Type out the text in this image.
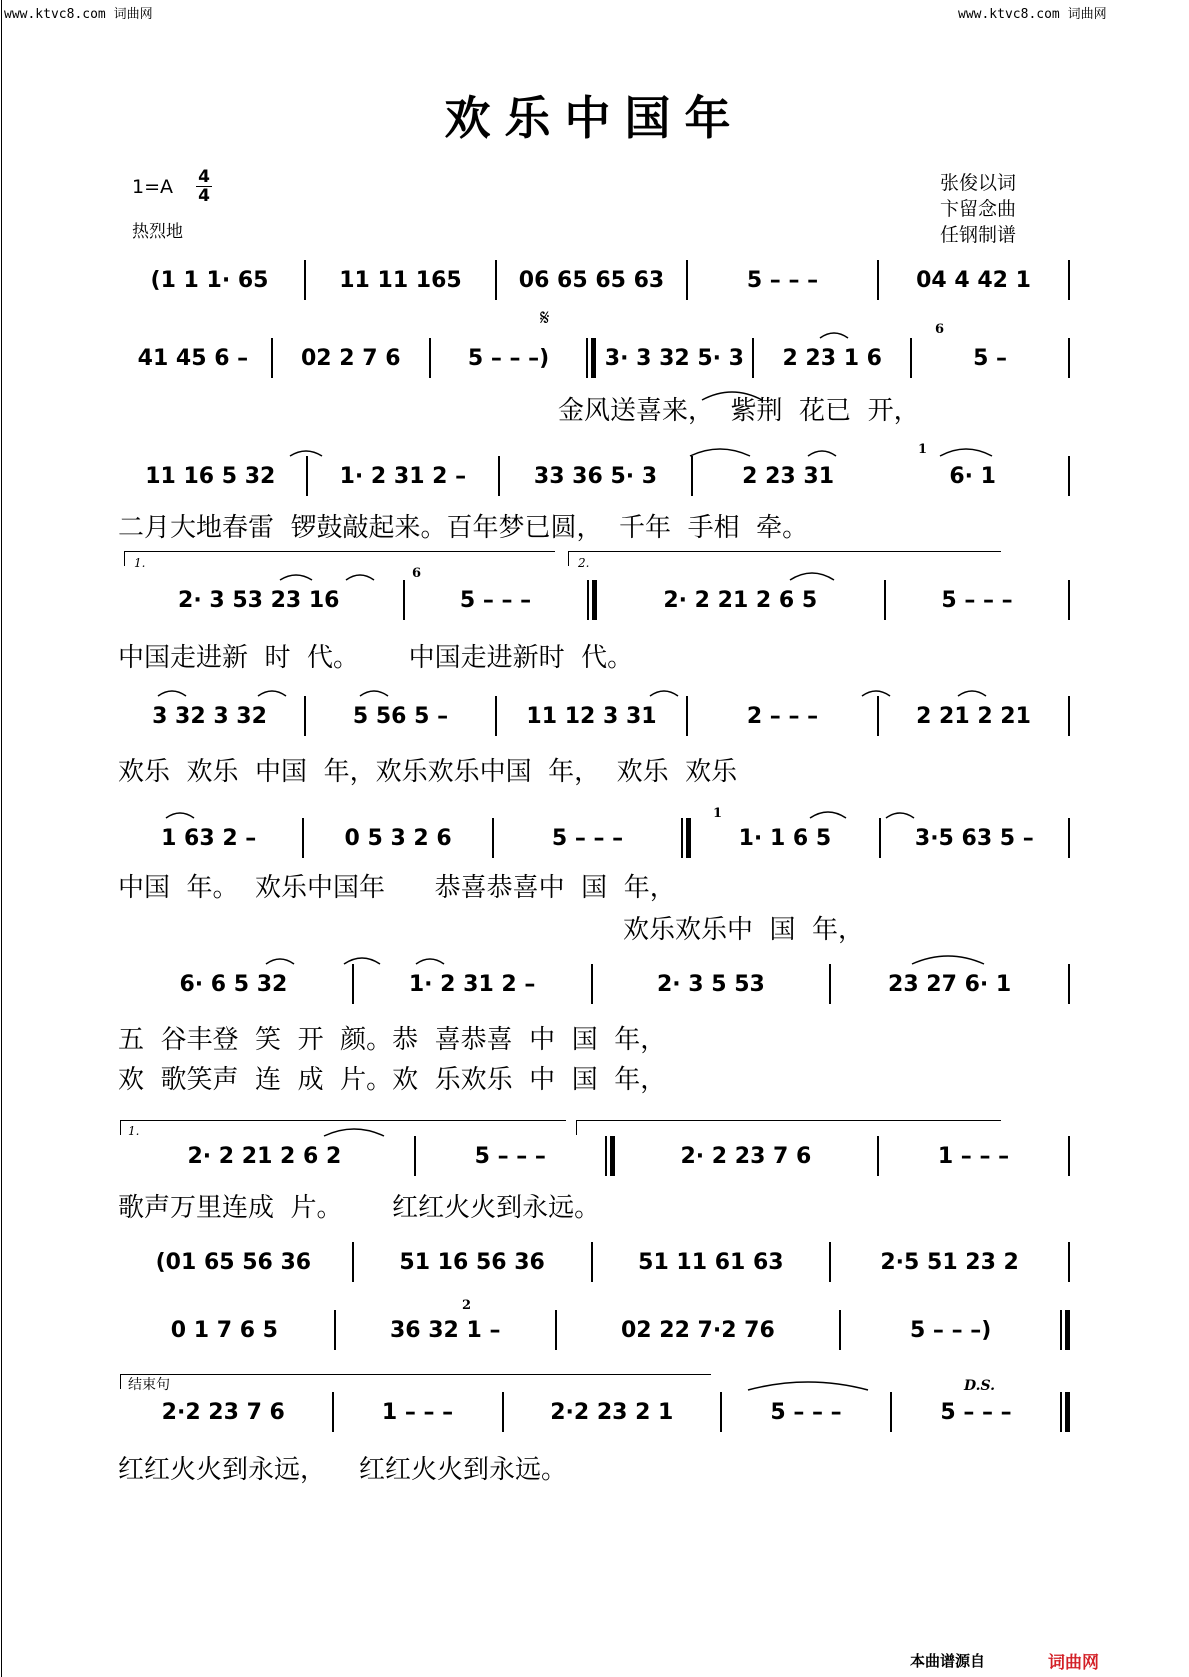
www.ktvc8.com 词曲网	www.ktvc8.com 词曲网
欢乐中国年
1=A 4
4
热烈地
张俊以词
卞留念曲
任钢制谱
(1 1 1· 65	11 11 165	06 65 65 63	5 – – –	04 4 42 1
𝄋
41 45 6 –	02 2 7 6	5 – – –)	3· 3 32 5· 3	2 23 1 6	5 –
6
金风送喜来，  紫荆  花已  开，
11 16 5 32	1· 2 31 2 –	33 36 5· 3	2 23 31	6· 1
1
二月大地春雷  锣鼓敲起来。百年梦已圆，  千年  手相  牵。
1.	2.
2· 3 53 23 16	5 – – –	2· 2 21 2 6 5	5 – – –
6
中国走进新  时  代。      中国走进新时  代。
3 32 3 32	5 56 5 –	11 12 3 31	2 – – –	2 21 2 21
欢乐  欢乐  中国  年，欢乐欢乐中国  年，  欢乐  欢乐
1 63 2 –	0 5 3 2 6	5 – – –	1· 1 6 5	3·5 63 5 –
1
中国  年。  欢乐中国年      恭喜恭喜中  国  年，
欢乐欢乐中  国  年，
6· 6 5 32	1· 2 31 2 –	2· 3 5 53	23 27 6· 1
五  谷丰登  笑  开  颜。恭  喜恭喜  中  国  年，
欢  歌笑声  连  成  片。欢  乐欢乐  中  国  年，
1.
2· 2 21 2 6 2	5 – – –	2· 2 23 7 6	1 – – –
歌声万里连成  片。      红红火火到永远。
(01 65 56 36	51 16 56 36	51 11 61 63	2·5 51 23 2
0 1 7 6 5	36 32 1 –	02 22 7·2 76	5 – – –)
2
结束句	D.S.
2·2 23 7 6	1 – – –	2·2 23 2 1	5 – – –	5 – – –
红红火火到永远，    红红火火到永远。
本曲谱源自	词曲网
